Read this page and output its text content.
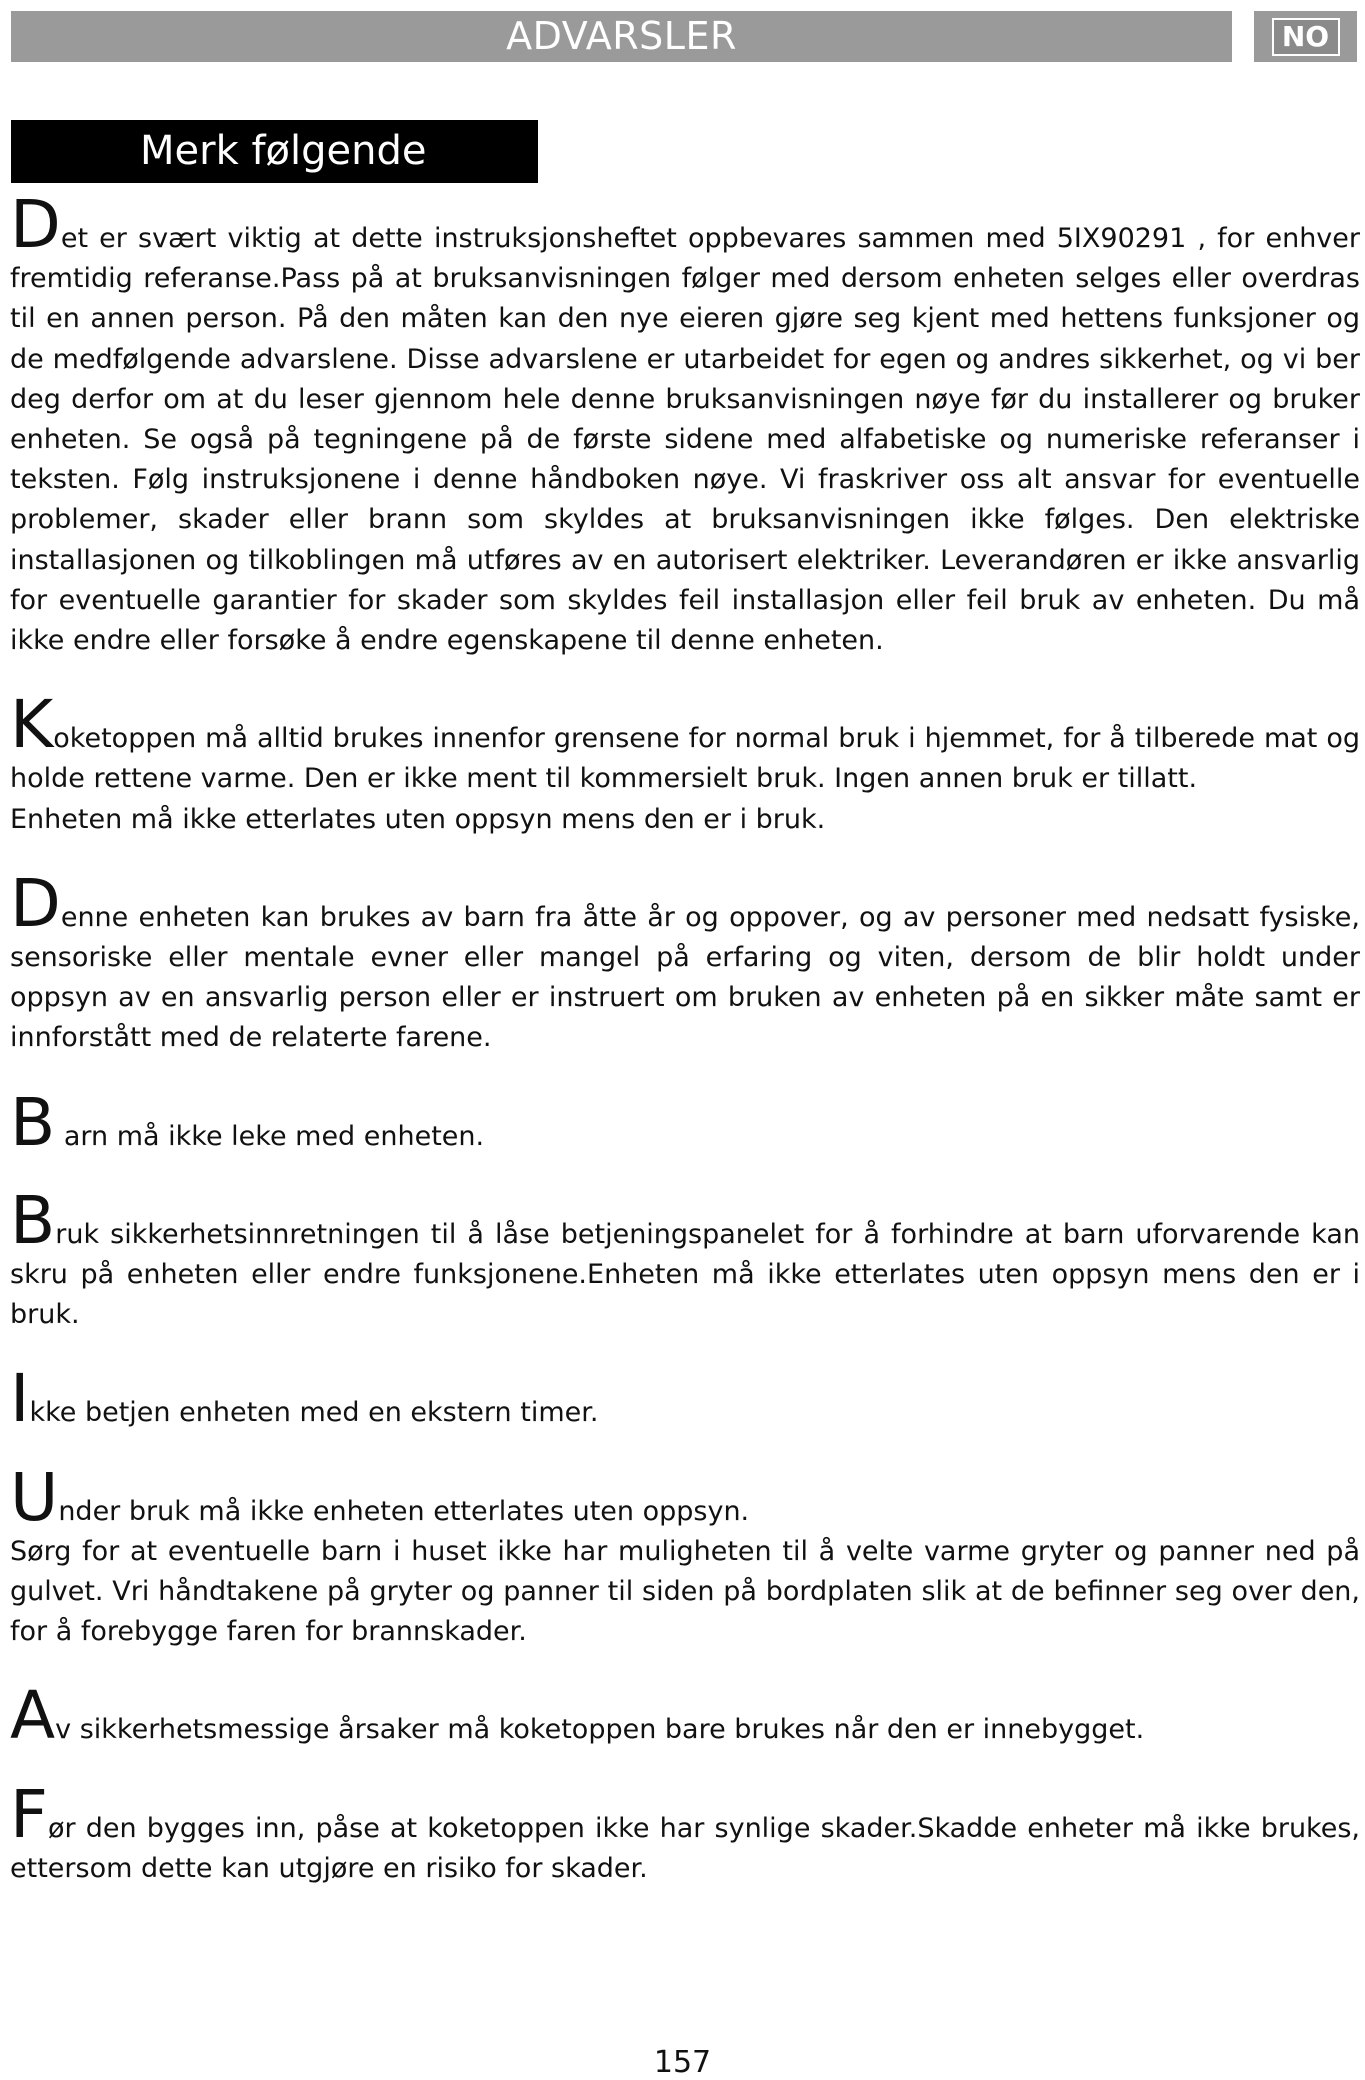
ADVARSLER	NO
Merk følgende

Det er svært viktig at dette instruksjonsheftet oppbevares sammen med 5IX90291 , for enhver fremtidig referanse.Pass på at bruksanvisningen følger med dersom enheten selges eller overdras til en annen person. På den måten kan den nye eieren gjøre seg kjent med hettens funksjoner og de medfølgende advarslene. Disse advarslene er utarbeidet for egen og andres sikkerhet, og vi ber deg derfor om at du leser gjennom hele denne bruksanvisningen nøye før du installerer og bruker enheten. Se også på tegningene på de første sidene med alfabetiske og numeriske referanser i teksten. Følg instruksjonene i denne håndboken nøye. Vi fraskriver oss alt ansvar for eventuelle problemer, skader eller brann som skyldes at bruksanvisningen ikke følges. Den elektriske installasjonen og tilkoblingen må utføres av en autorisert elektriker. Leverandøren er ikke ansvarlig for eventuelle garantier for skader som skyldes feil installasjon eller feil bruk av enheten. Du må ikke endre eller forsøke å endre egenskapene til denne enheten.

Koketoppen må alltid brukes innenfor grensene for normal bruk i hjemmet, for å tilberede mat og holde rettene varme. Den er ikke ment til kommersielt bruk. Ingen annen bruk er tillatt.
Enheten må ikke etterlates uten oppsyn mens den er i bruk.

Denne enheten kan brukes av barn fra åtte år og oppover, og av personer med nedsatt fysiske, sensoriske eller mentale evner eller mangel på erfaring og viten, dersom de blir holdt under oppsyn av en ansvarlig person eller er instruert om bruken av enheten på en sikker måte samt er innforstått med de relaterte farene.

B arn må ikke leke med enheten.

Bruk sikkerhetsinnretningen til å låse betjeningspanelet for å forhindre at barn uforvarende kan skru på enheten eller endre funksjonene.Enheten må ikke etterlates uten oppsyn mens den er i bruk.

Ikke betjen enheten med en ekstern timer.

Under bruk må ikke enheten etterlates uten oppsyn.
Sørg for at eventuelle barn i huset ikke har muligheten til å velte varme gryter og panner ned på gulvet. Vri håndtakene på gryter og panner til siden på bordplaten slik at de befinner seg over den, for å forebygge faren for brannskader.

Av sikkerhetsmessige årsaker må koketoppen bare brukes når den er innebygget.

Før den bygges inn, påse at koketoppen ikke har synlige skader.Skadde enheter må ikke brukes, ettersom dette kan utgjøre en risiko for skader.

157
